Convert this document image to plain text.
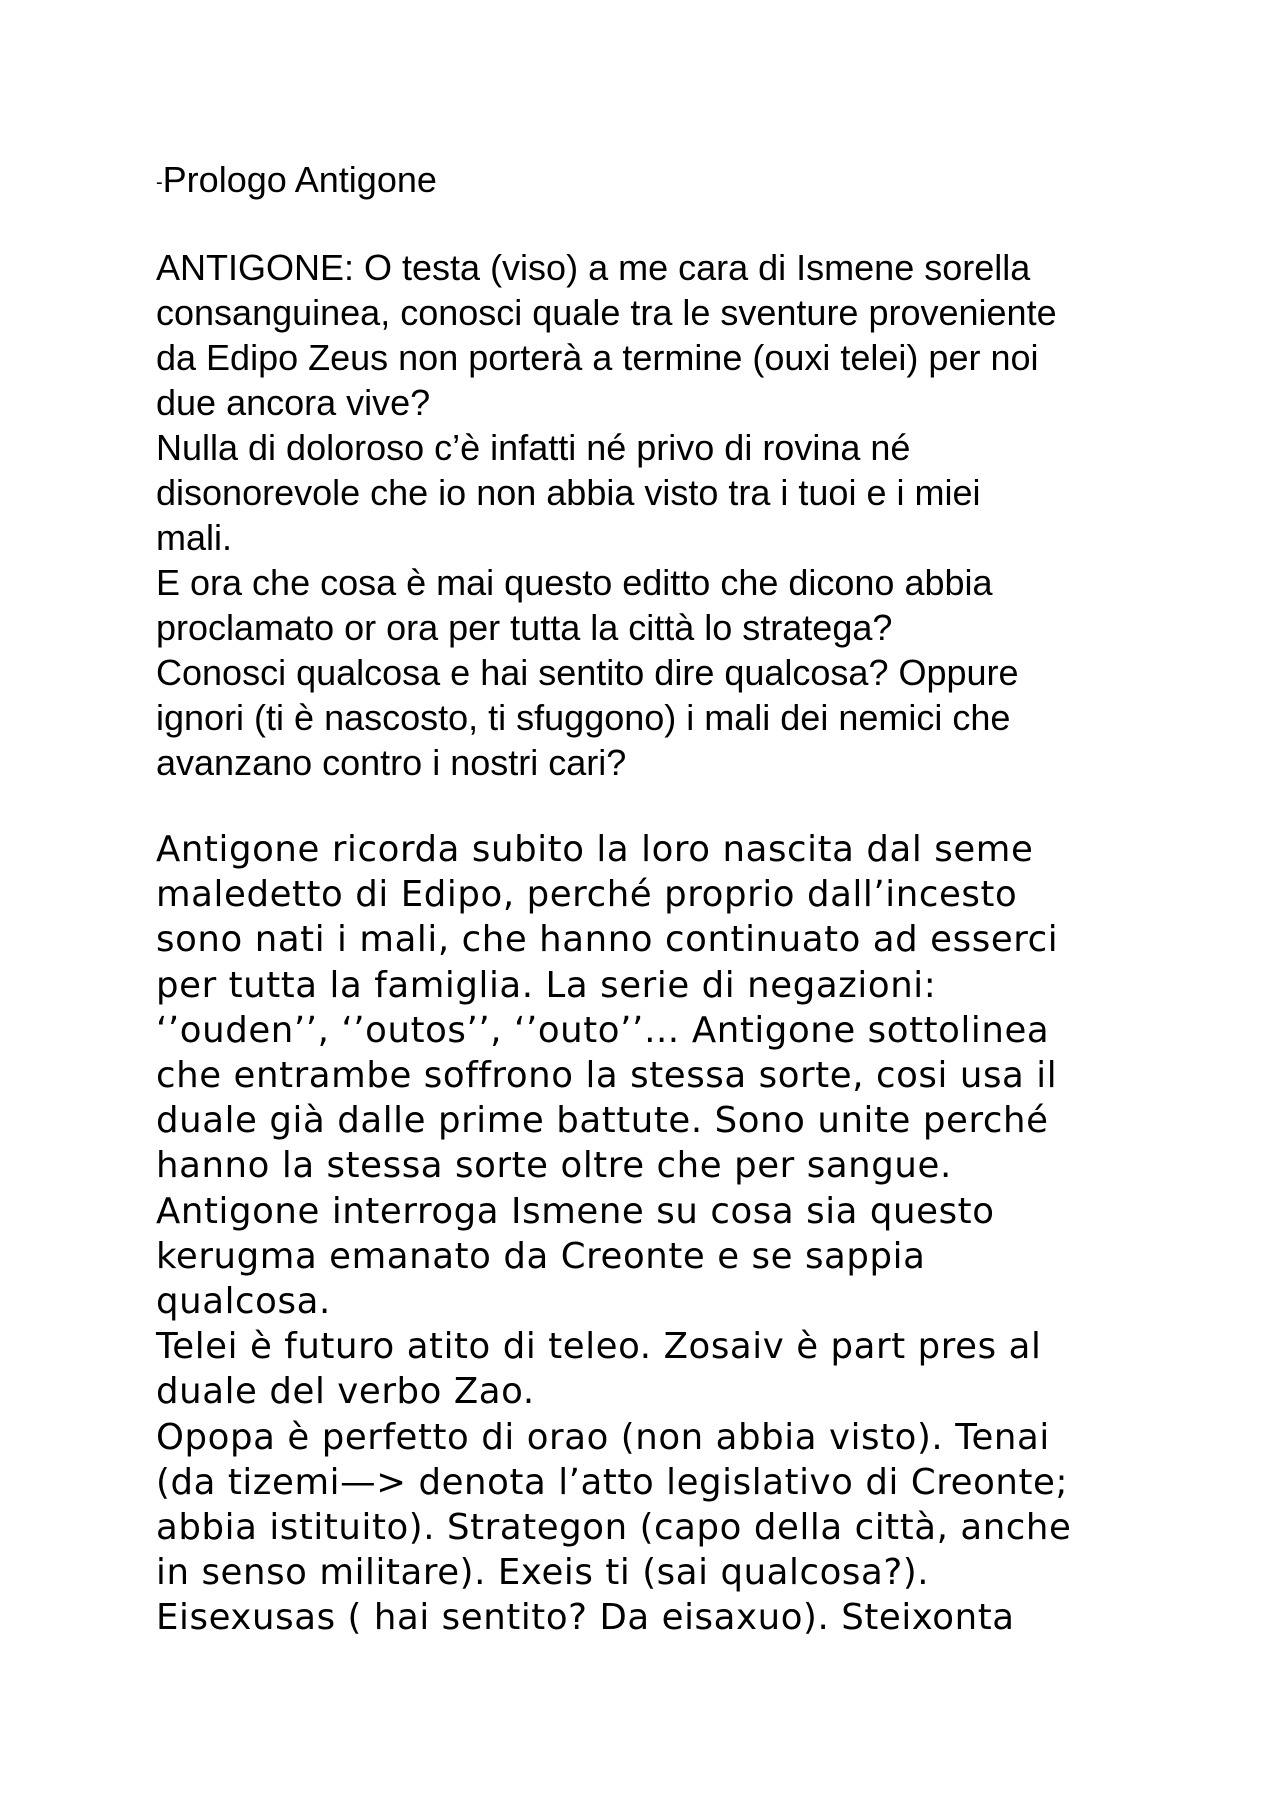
-Prologo Antigone
ANTIGONE: O testa (viso) a me cara di Ismene sorella
consanguinea, conosci quale tra le sventure proveniente
da Edipo Zeus non porterà a termine (ouxi telei) per noi
due ancora vive?
Nulla di doloroso c’è infatti né privo di rovina né
disonorevole che io non abbia visto tra i tuoi e i miei
mali.
E ora che cosa è mai questo editto che dicono abbia
proclamato or ora per tutta la città lo stratega?
Conosci qualcosa e hai sentito dire qualcosa? Oppure
ignori (ti è nascosto, ti sfuggono) i mali dei nemici che
avanzano contro i nostri cari?
Antigone ricorda subito la loro nascita dal seme
maledetto di Edipo, perché proprio dall’incesto
sono nati i mali, che hanno continuato ad esserci
per tutta la famiglia. La serie di negazioni:
‘’ouden’’, ‘’outos’’, ‘’outo’’… Antigone sottolinea
che entrambe soffrono la stessa sorte, cosi usa il
duale già dalle prime battute. Sono unite perché
hanno la stessa sorte oltre che per sangue.
Antigone interroga Ismene su cosa sia questo
kerugma emanato da Creonte e se sappia
qualcosa.
Telei è futuro atito di teleo. Zosaiv è part pres al
duale del verbo Zao.
Opopa è perfetto di orao (non abbia visto). Tenai
(da tizemi—> denota l’atto legislativo di Creonte;
abbia istituito). Strategon (capo della città, anche
in senso militare). Exeis ti (sai qualcosa?).
Eisexusas ( hai sentito? Da eisaxuo). Steixonta
